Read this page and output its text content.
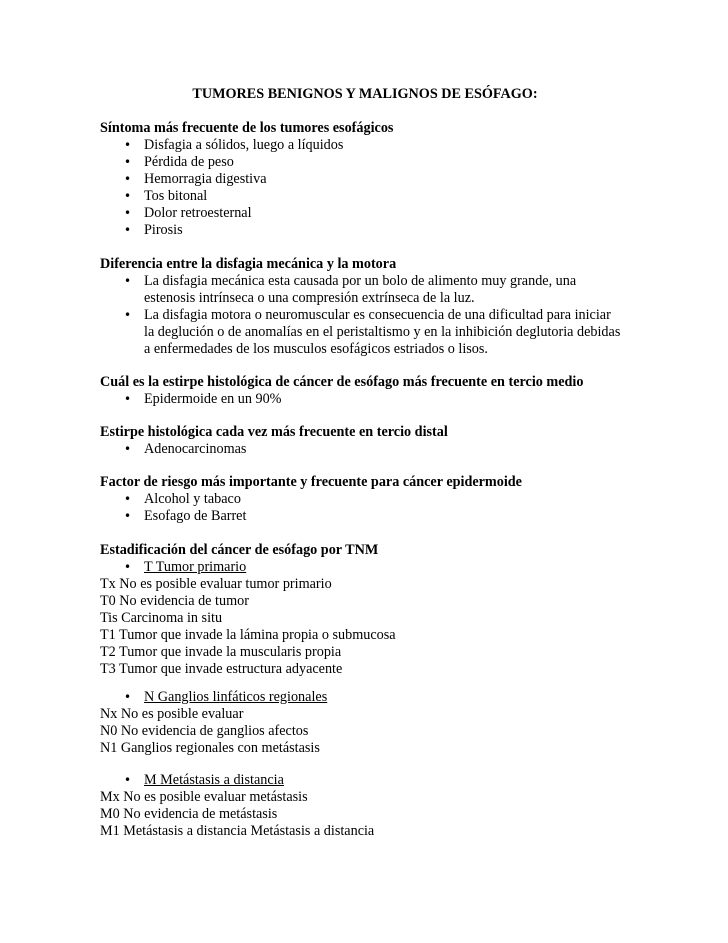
TUMORES BENIGNOS Y MALIGNOS DE ESÓFAGO:
Síntoma más frecuente de los tumores esofágicos
• Disfagia a sólidos, luego a líquidos
• Pérdida de peso
• Hemorragia digestiva
• Tos bitonal
• Dolor retroesternal
• Pirosis
Diferencia entre la disfagia mecánica y la motora
• La disfagia mecánica esta causada por un bolo de alimento muy grande, una
estenosis intrínseca o una compresión extrínseca de la luz.
• La disfagia motora o neuromuscular es consecuencia de una dificultad para iniciar
la deglución o de anomalías en el peristaltismo y en la inhibición deglutoria debidas
a enfermedades de los musculos esofágicos estriados o lisos.
Cuál es la estirpe histológica de cáncer de esófago más frecuente en tercio medio
• Epidermoide en un 90%
Estirpe histológica cada vez más frecuente en tercio distal
• Adenocarcinomas
Factor de riesgo más importante y frecuente para cáncer epidermoide
• Alcohol y tabaco
• Esofago de Barret
Estadificación del cáncer de esófago por TNM
• T Tumor primario
Tx No es posible evaluar tumor primario
T0 No evidencia de tumor
Tis Carcinoma in situ
T1 Tumor que invade la lámina propia o submucosa
T2 Tumor que invade la muscularis propia
T3 Tumor que invade estructura adyacente
• N Ganglios linfáticos regionales
Nx No es posible evaluar
N0 No evidencia de ganglios afectos
N1 Ganglios regionales con metástasis
• M Metástasis a distancia
Mx No es posible evaluar metástasis
M0 No evidencia de metástasis
M1 Metástasis a distancia Metástasis a distancia
